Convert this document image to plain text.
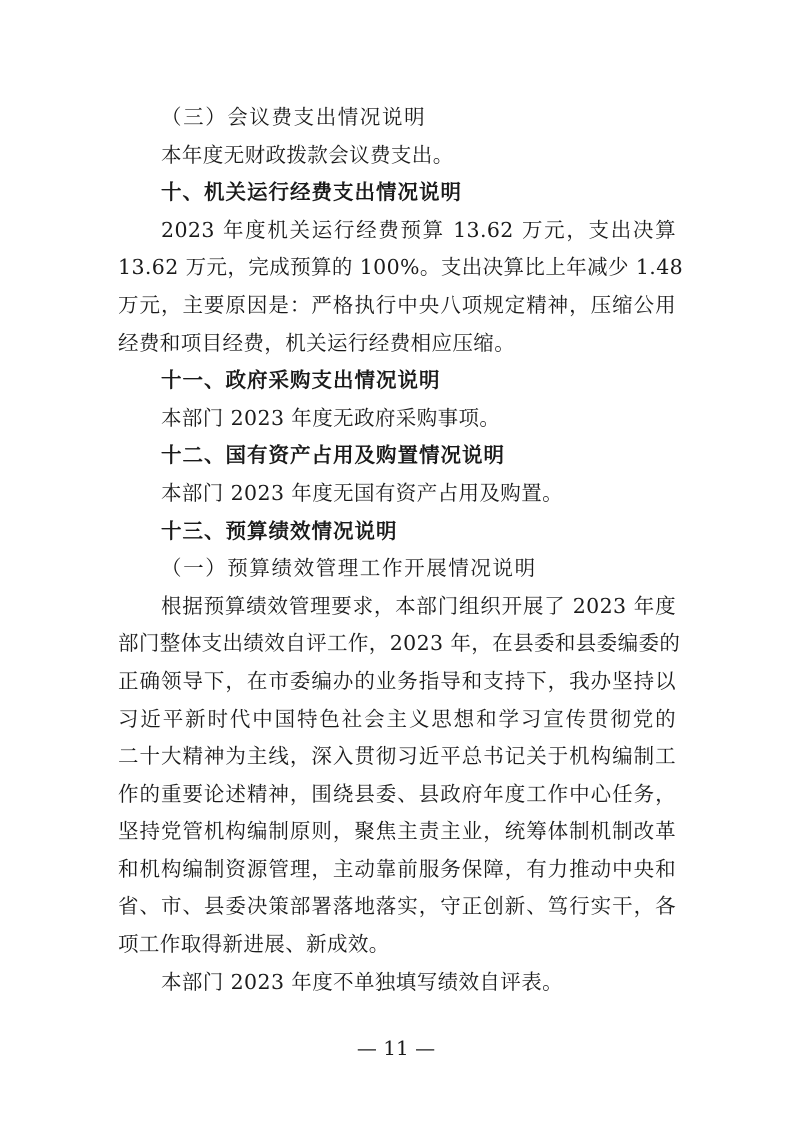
（三）会议费支出情况说明
本年度无财政拨款会议费支出。
十、机关运行经费支出情况说明
2023 年度机关运行经费预算 13.62 万元，支出决算
13.62 万元，完成预算的 100%。支出决算比上年减少 1.48
万元，主要原因是：严格执行中央八项规定精神，压缩公用
经费和项目经费，机关运行经费相应压缩。
十一、政府采购支出情况说明
本部门 2023 年度无政府采购事项。
十二、国有资产占用及购置情况说明
本部门 2023 年度无国有资产占用及购置。
十三、预算绩效情况说明
（一）预算绩效管理工作开展情况说明
根据预算绩效管理要求，本部门组织开展了 2023 年度
部门整体支出绩效自评工作，2023 年，在县委和县委编委的
正确领导下，在市委编办的业务指导和支持下，我办坚持以
习近平新时代中国特色社会主义思想和学习宣传贯彻党的
二十大精神为主线，深入贯彻习近平总书记关于机构编制工
作的重要论述精神，围绕县委、县政府年度工作中心任务，
坚持党管机构编制原则，聚焦主责主业，统筹体制机制改革
和机构编制资源管理，主动靠前服务保障，有力推动中央和
省、市、县委决策部署落地落实，守正创新、笃行实干，各
项工作取得新进展、新成效。
本部门 2023 年度不单独填写绩效自评表。
— 11 —
